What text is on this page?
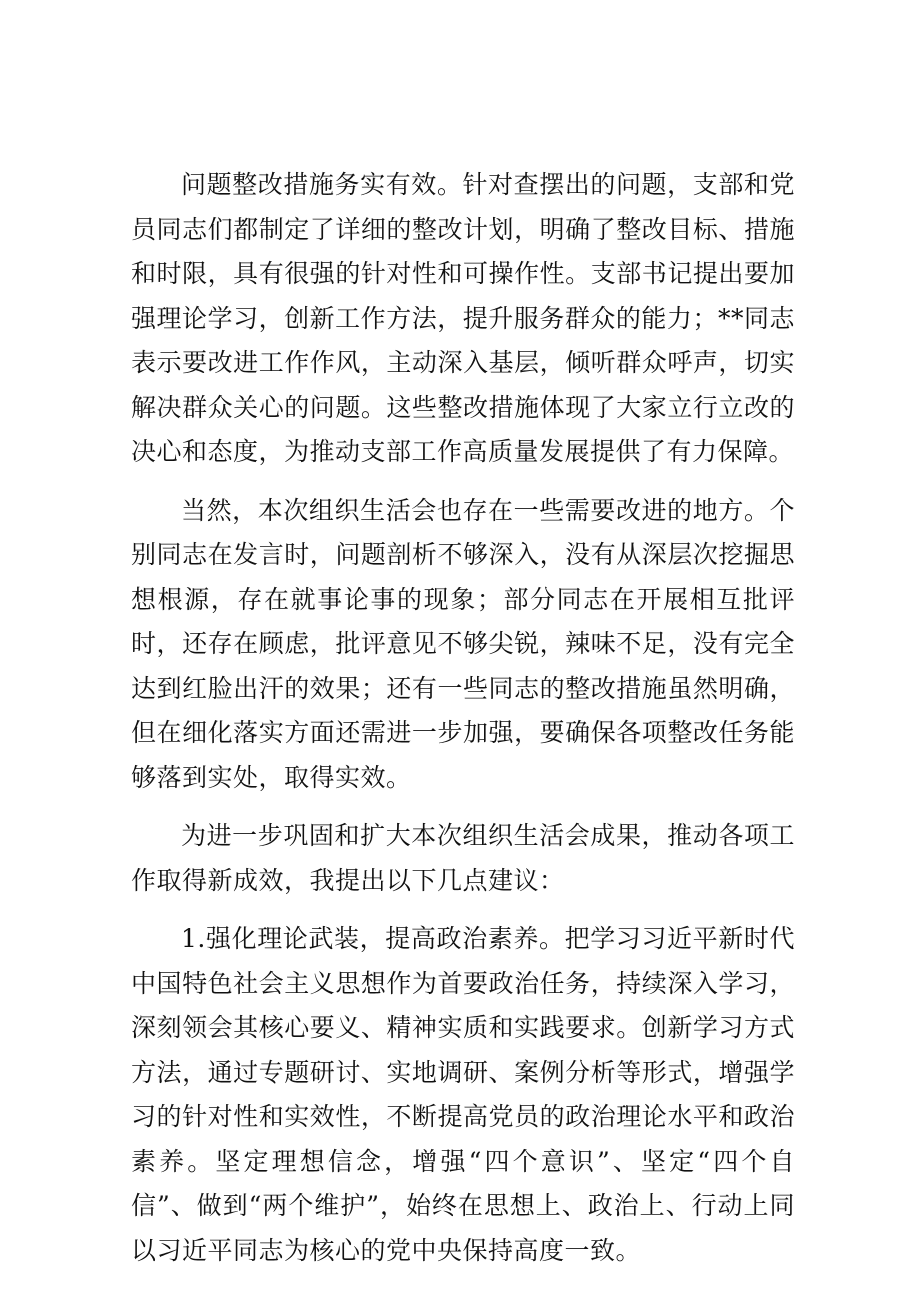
问题整改措施务实有效。针对查摆出的问题，支部和党员同志们都制定了详细的整改计划，明确了整改目标、措施和时限，具有很强的针对性和可操作性。支部书记提出要加强理论学习，创新工作方法，提升服务群众的能力；**同志表示要改进工作作风，主动深入基层，倾听群众呼声，切实解决群众关心的问题。这些整改措施体现了大家立行立改的决心和态度，为推动支部工作高质量发展提供了有力保障。

当然，本次组织生活会也存在一些需要改进的地方。个别同志在发言时，问题剖析不够深入，没有从深层次挖掘思想根源，存在就事论事的现象；部分同志在开展相互批评时，还存在顾虑，批评意见不够尖锐，辣味不足，没有完全达到红脸出汗的效果；还有一些同志的整改措施虽然明确，但在细化落实方面还需进一步加强，要确保各项整改任务能够落到实处，取得实效。

为进一步巩固和扩大本次组织生活会成果，推动各项工作取得新成效，我提出以下几点建议：

1.强化理论武装，提高政治素养。把学习习近平新时代中国特色社会主义思想作为首要政治任务，持续深入学习，深刻领会其核心要义、精神实质和实践要求。创新学习方式方法，通过专题研讨、实地调研、案例分析等形式，增强学习的针对性和实效性，不断提高党员的政治理论水平和政治素养。坚定理想信念，增强“四个意识”、坚定“四个自信”、做到“两个维护”，始终在思想上、政治上、行动上同以习近平同志为核心的党中央保持高度一致。
